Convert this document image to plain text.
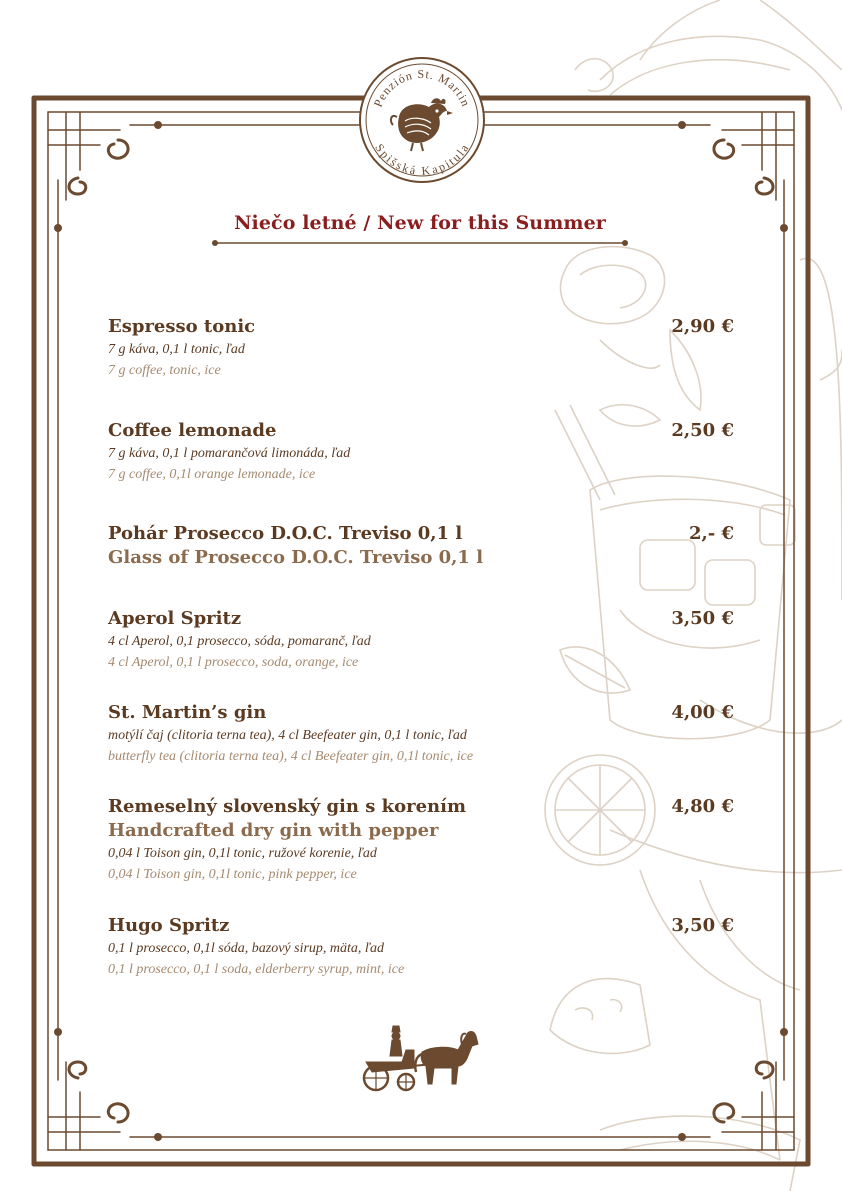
Penzión St. Martin
Spišská Kapitula
Niečo letné / New for this Summer
Espresso tonic	2,90 €
7 g káva, 0,1 l tonic, ľad
7 g coffee, tonic, ice
Coffee lemonade	2,50 €
7 g káva, 0,1 l pomarančová limonáda, ľad
7 g coffee, 0,1l orange lemonade, ice
Pohár Prosecco D.O.C. Treviso 0,1 l	2,- €
Glass of Prosecco D.O.C. Treviso 0,1 l
Aperol Spritz	3,50 €
4 cl Aperol, 0,1 prosecco, sóda, pomaranč, ľad
4 cl Aperol, 0,1 l prosecco, soda, orange, ice
St. Martin’s gin	4,00 €
motýlí čaj (clitoria terna tea), 4 cl Beefeater gin, 0,1 l tonic, ľad
butterfly tea (clitoria terna tea), 4 cl Beefeater gin, 0,1l tonic, ice
Remeselný slovenský gin s korením	4,80 €
Handcrafted dry gin with pepper
0,04 l Toison gin, 0,1l tonic, ružové korenie, ľad
0,04 l Toison gin, 0,1l tonic, pink pepper, ice
Hugo Spritz	3,50 €
0,1 l prosecco, 0,1l sóda, bazový sirup, mäta, ľad
0,1 l prosecco, 0,1 l soda, elderberry syrup, mint, ice
